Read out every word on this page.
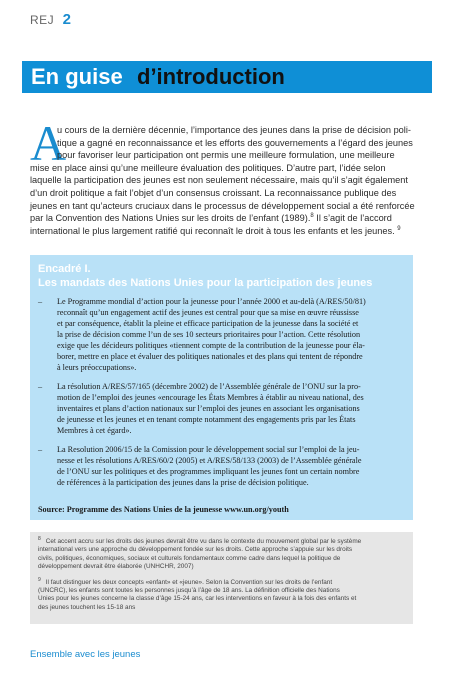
REJ 2
En guise d’introduction
A
u cours de la dernière décennie, l’importance des jeunes dans la prise de décision poli-
tique a gagné en reconnaissance et les efforts des gouvernements a l’égard des jeunes
pour favoriser leur participation ont permis une meilleure formulation, une meilleure
mise en place ainsi qu’une meilleure évaluation des politiques. D’autre part, l’idée selon
laquelle la participation des jeunes est non seulement nécessaire, mais qu’il s’agit également
d’un droit politique a fait l’objet d’un consensus croissant. La reconnaissance publique des
jeunes en tant qu’acteurs cruciaux dans le processus de développement social a été renforcée
par la Convention des Nations Unies sur les droits de l’enfant (1989).$^8$ Il s’agit de l’accord
international le plus largement ratifié qui reconnaît le droit à tous les enfants et les jeunes. $^9$
Encadré I.
Les mandats des Nations Unies pour la participation des jeunes
– Le Programme mondial d’action pour la jeunesse pour l’année 2000 et au-delà (A/RES/50/81)
reconnaît qu’un engagement actif des jeunes est central pour que sa mise en œuvre réussisse
et par conséquence, établit la pleine et efficace participation de la jeunesse dans la société et
la prise de décision comme l’un de ses 10 secteurs prioritaires pour l’action. Cette résolution
exige que les décideurs politiques «tiennent compte de la contribution de la jeunesse pour éla-
borer, mettre en place et évaluer des politiques nationales et des plans qui tentent de répondre
à leurs préoccupations».
– La résolution A/RES/57/165 (décembre 2002) de l’Assemblée générale de l’ONU sur la pro-
motion de l’emploi des jeunes «encourage les États Membres à établir au niveau national, des
inventaires et plans d’action nationaux sur l’emploi des jeunes en associant les organisations
de jeunesse et les jeunes et en tenant compte notamment des engagements pris par les États
Membres à cet égard».
– La Resolution 2006/15 de la Comission pour le développement social sur l’emploi de la jeu-
nesse et les résolutions A/RES/60/2 (2005) et A/RES/58/133 (2003) de l’Assemblée générale
de l’ONU sur les politiques et des programmes impliquant les jeunes font un certain nombre
de références à la participation des jeunes dans la prise de décision politique.
Source: Programme des Nations Unies de la jeunesse www.un.org/youth
$^8$ Cet accent accru sur les droits des jeunes devrait être vu dans le contexte du mouvement global par le système
international vers une approche du développement fondée sur les droits. Cette approche s’appuie sur les droits
civils, politiques, économiques, sociaux et culturels fondamentaux comme cadre dans lequel la politique de
développement devrait être élaborée (UNHCHR, 2007)
$^9$ Il faut distinguer les deux concepts «enfant» et «jeune». Selon la Convention sur les droits de l’enfant
(UNCRC), les enfants sont toutes les personnes jusqu’à l’âge de 18 ans. La définition officielle des Nations
Unies pour les jeunes concerne la classe d’âge 15-24 ans, car les interventions en faveur à la fois des enfants et
des jeunes touchent les 15-18 ans
Ensemble avec les jeunes
